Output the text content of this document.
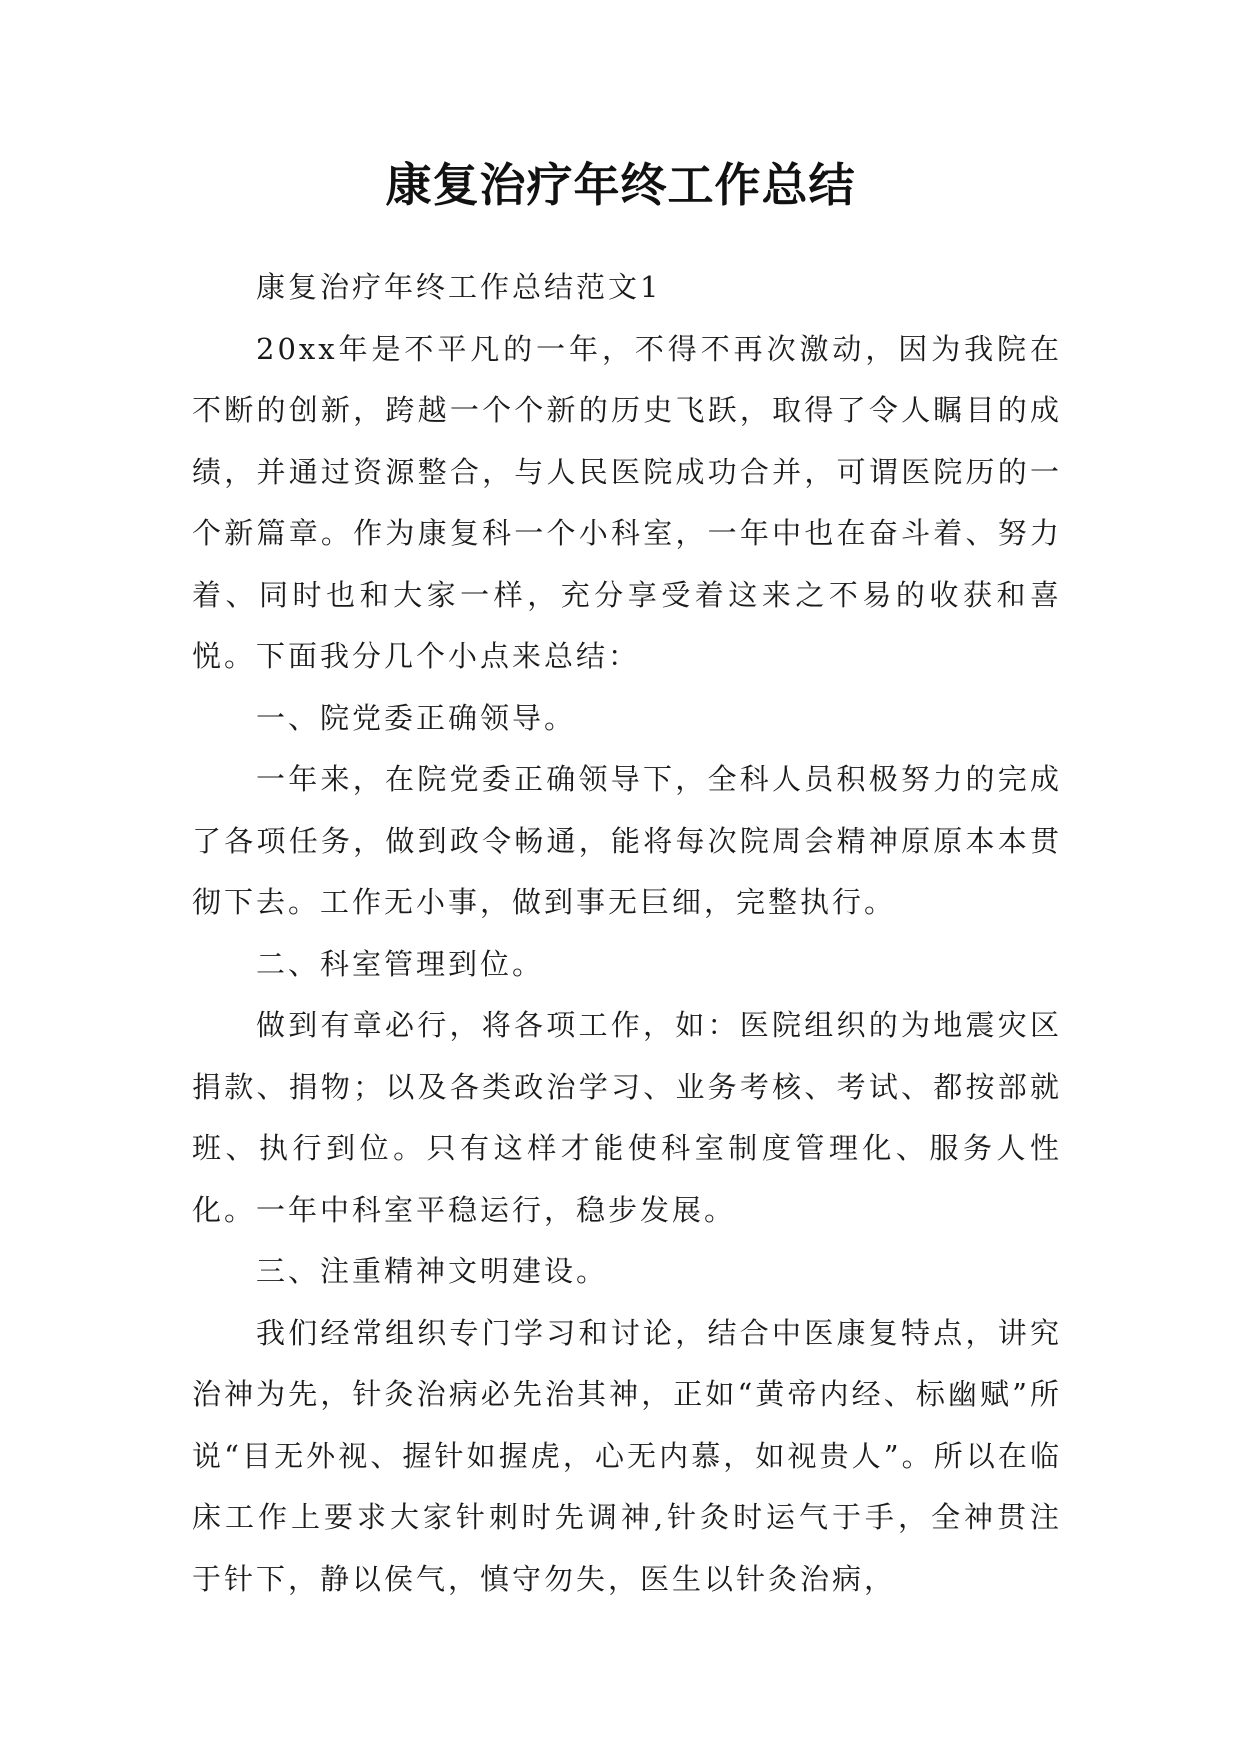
康复治疗年终工作总结

康复治疗年终工作总结范文1

20xx年是不平凡的一年，不得不再次激动，因为我院在不断的创新，跨越一个个新的历史飞跃，取得了令人瞩目的成绩，并通过资源整合，与人民医院成功合并，可谓医院历的一个新篇章。作为康复科一个小科室，一年中也在奋斗着、努力着、同时也和大家一样，充分享受着这来之不易的收获和喜悦。下面我分几个小点来总结：

一、院党委正确领导。

一年来，在院党委正确领导下，全科人员积极努力的完成了各项任务，做到政令畅通，能将每次院周会精神原原本本贯彻下去。工作无小事，做到事无巨细，完整执行。

二、科室管理到位。

做到有章必行，将各项工作，如：医院组织的为地震灾区捐款、捐物；以及各类政治学习、业务考核、考试、都按部就班、执行到位。只有这样才能使科室制度管理化、服务人性化。一年中科室平稳运行，稳步发展。

三、注重精神文明建设。

我们经常组织专门学习和讨论，结合中医康复特点，讲究治神为先，针灸治病必先治其神，正如“黄帝内经、标幽赋”所说“目无外视、握针如握虎，心无内慕，如视贵人”。所以在临床工作上要求大家针刺时先调神,针灸时运气于手，全神贯注于针下，静以侯气，慎守勿失，医生以针灸治病，
